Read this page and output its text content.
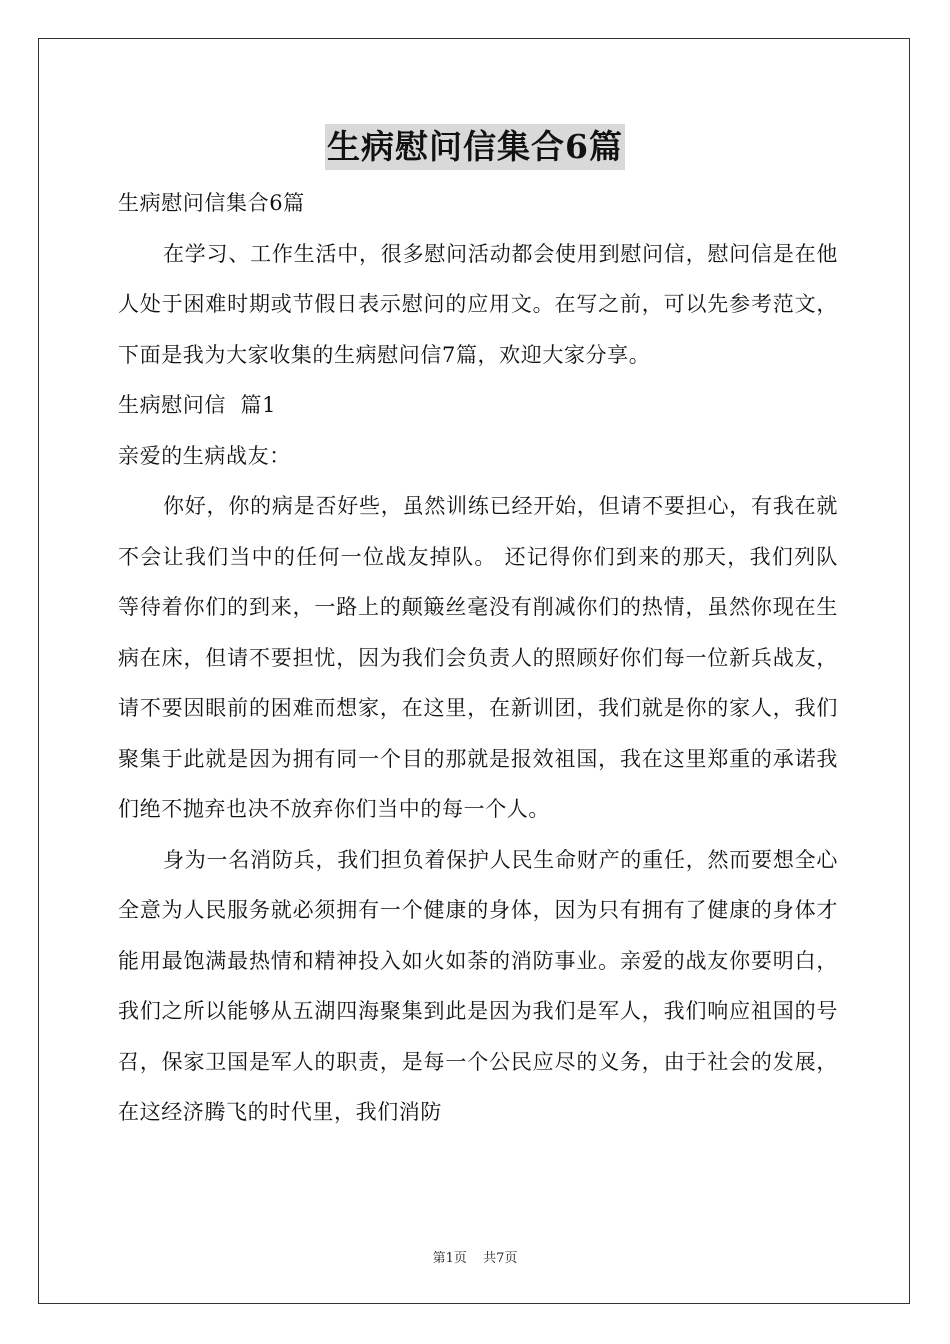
生病慰问信集合6篇

生病慰问信集合6篇

在学习、工作生活中，很多慰问活动都会使用到慰问信，慰问信是在他人处于困难时期或节假日表示慰问的应用文。在写之前，可以先参考范文，下面是我为大家收集的生病慰问信7篇，欢迎大家分享。

生病慰问信  篇1

亲爱的生病战友：

你好，你的病是否好些，虽然训练已经开始，但请不要担心，有我在就不会让我们当中的任何一位战友掉队。 还记得你们到来的那天，我们列队等待着你们的到来，一路上的颠簸丝毫没有削减你们的热情，虽然你现在生病在床，但请不要担忧，因为我们会负责人的照顾好你们每一位新兵战友，请不要因眼前的困难而想家，在这里，在新训团，我们就是你的家人，我们聚集于此就是因为拥有同一个目的那就是报效祖国，我在这里郑重的承诺我们绝不抛弃也决不放弃你们当中的每一个人。

身为一名消防兵，我们担负着保护人民生命财产的重任，然而要想全心全意为人民服务就必须拥有一个健康的身体，因为只有拥有了健康的身体才能用最饱满最热情和精神投入如火如荼的消防事业。亲爱的战友你要明白，我们之所以能够从五湖四海聚集到此是因为我们是军人，我们响应祖国的号召，保家卫国是军人的职责，是每一个公民应尽的义务，由于社会的发展，在这经济腾飞的时代里，我们消防

第1页 共7页
